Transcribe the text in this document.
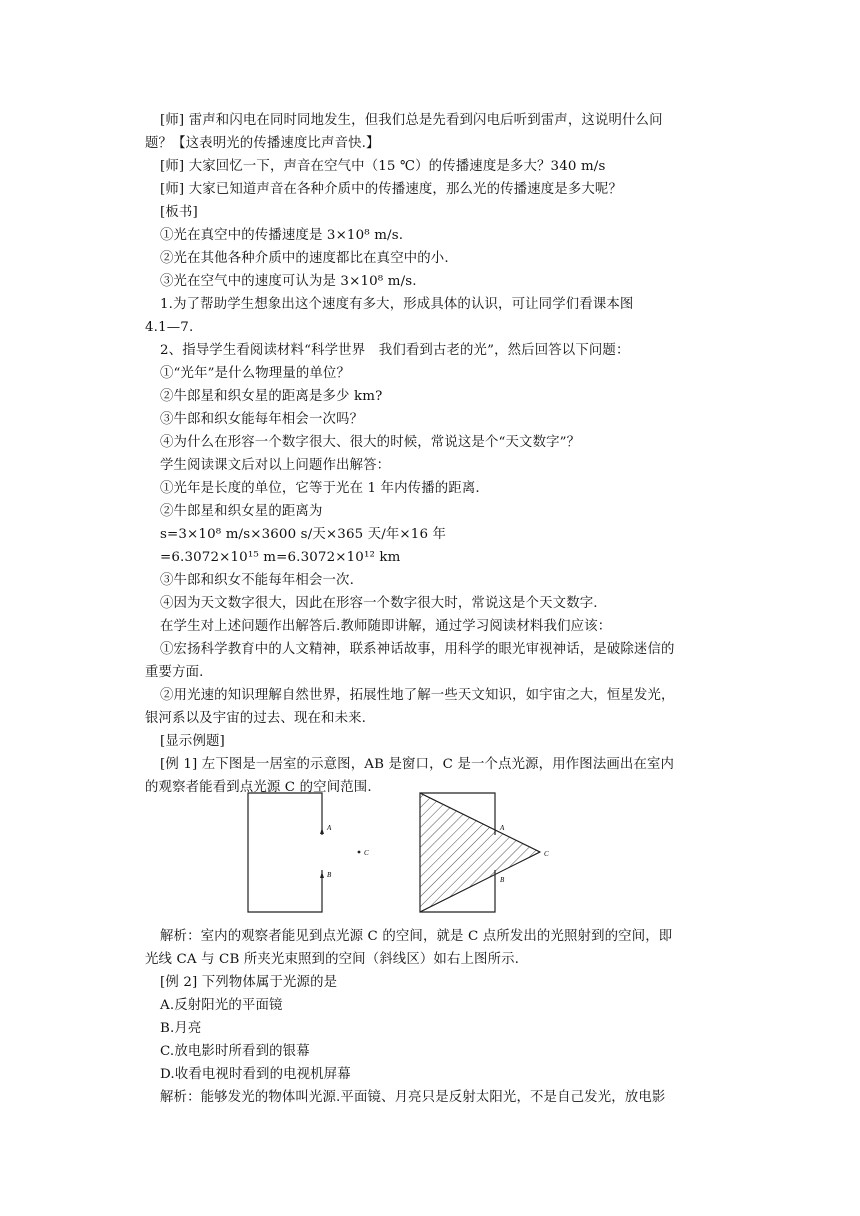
[师] 雷声和闪电在同时同地发生，但我们总是先看到闪电后听到雷声，这说明什么问
题？【这表明光的传播速度比声音快.】
[师] 大家回忆一下，声音在空气中（15 ℃）的传播速度是多大？340 m/s
[师] 大家已知道声音在各种介质中的传播速度，那么光的传播速度是多大呢？
[板书]
①光在真空中的传播速度是 3×10⁸ m/s.
②光在其他各种介质中的速度都比在真空中的小.
③光在空气中的速度可认为是 3×10⁸ m/s.
1.为了帮助学生想象出这个速度有多大，形成具体的认识，可让同学们看课本图
4.1—7.
2、指导学生看阅读材料“科学世界　我们看到古老的光”，然后回答以下问题：
①“光年”是什么物理量的单位？
②牛郎星和织女星的距离是多少 km?
③牛郎和织女能每年相会一次吗？
④为什么在形容一个数字很大、很大的时候，常说这是个“天文数字”？
学生阅读课文后对以上问题作出解答：
①光年是长度的单位，它等于光在 1 年内传播的距离.
②牛郎星和织女星的距离为
s=3×10⁸ m/s×3600 s/天×365 天/年×16 年
=6.3072×10¹⁵ m=6.3072×10¹² km
③牛郎和织女不能每年相会一次.
④因为天文数字很大，因此在形容一个数字很大时，常说这是个天文数字.
在学生对上述问题作出解答后.教师随即讲解，通过学习阅读材料我们应该：
①宏扬科学教育中的人文精神，联系神话故事，用科学的眼光审视神话，是破除迷信的
重要方面.
②用光速的知识理解自然世界，拓展性地了解一些天文知识，如宇宙之大，恒星发光，
银河系以及宇宙的过去、现在和未来.
[显示例题]
[例 1] 左下图是一居室的示意图，AB 是窗口，C 是一个点光源，用作图法画出在室内
的观察者能看到点光源 C 的空间范围.
A
B
C
A
B
C
解析：室内的观察者能见到点光源 C 的空间，就是 C 点所发出的光照射到的空间，即
光线 CA 与 CB 所夹光束照到的空间（斜线区）如右上图所示.
[例 2] 下列物体属于光源的是
A.反射阳光的平面镜
B.月亮
C.放电影时所看到的银幕
D.收看电视时看到的电视机屏幕
解析：能够发光的物体叫光源.平面镜、月亮只是反射太阳光，不是自己发光，放电影
